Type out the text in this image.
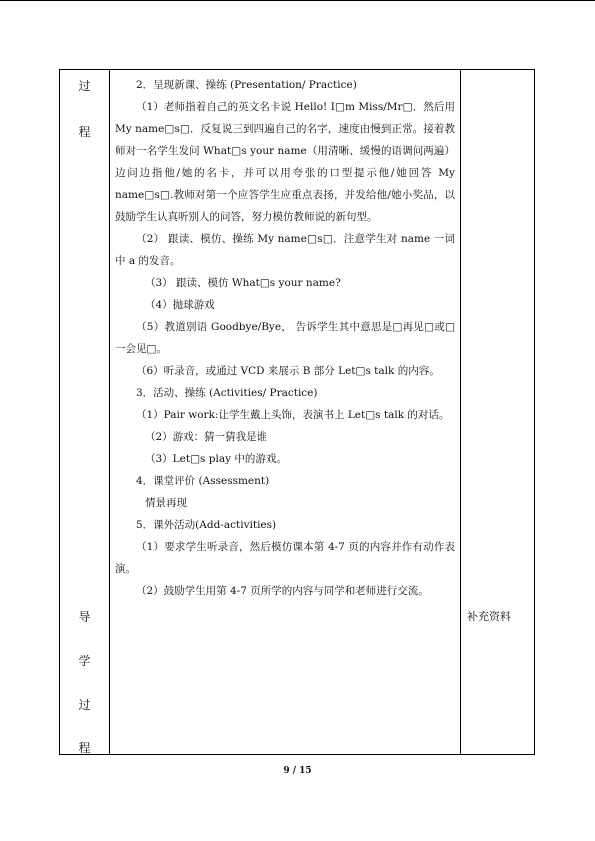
过
程
导
学
过
程
补充资料

2．呈现新课、操练 (Presentation/ Practice)

（1）老师指着自己的英文名卡说 Hello! I□m Miss/Mr□．然后用 My name□s□．反复说三到四遍自己的名字，速度由慢到正常。接着教师对一名学生发问 What□s your name（用清晰、缓慢的语调问两遍）边问边指他/她的名卡，并可以用夸张的口型提示他/她回答 My name□s□.教师对第一个应答学生应重点表扬，并发给他/她小奖品，以鼓励学生认真听别人的问答，努力模仿教师说的新句型。

（2） 跟读、模仿、操练 My name□s□．注意学生对 name 一词中 a 的发音。

（3） 跟读、模仿 What□s your name?

（4）抛球游戏

（5）教道别语 Goodbye/Bye， 告诉学生其中意思是□再见□或□一会见□。

（6）听录音，或通过 VCD 来展示 B 部分 Let□s talk 的内容。

3．活动、操练 (Activities/ Practice)

（1）Pair work:让学生戴上头饰，表演书上 Let□s talk 的对话。

（2）游戏：猜一猜我是谁

（3）Let□s play 中的游戏。

4．课堂评价 (Assessment)

情景再现

5．课外活动(Add-activities)

（1）要求学生听录音，然后模仿课本第 4-7 页的内容并作有动作表演。

（2）鼓励学生用第 4-7 页所学的内容与同学和老师进行交流。

9 / 15
